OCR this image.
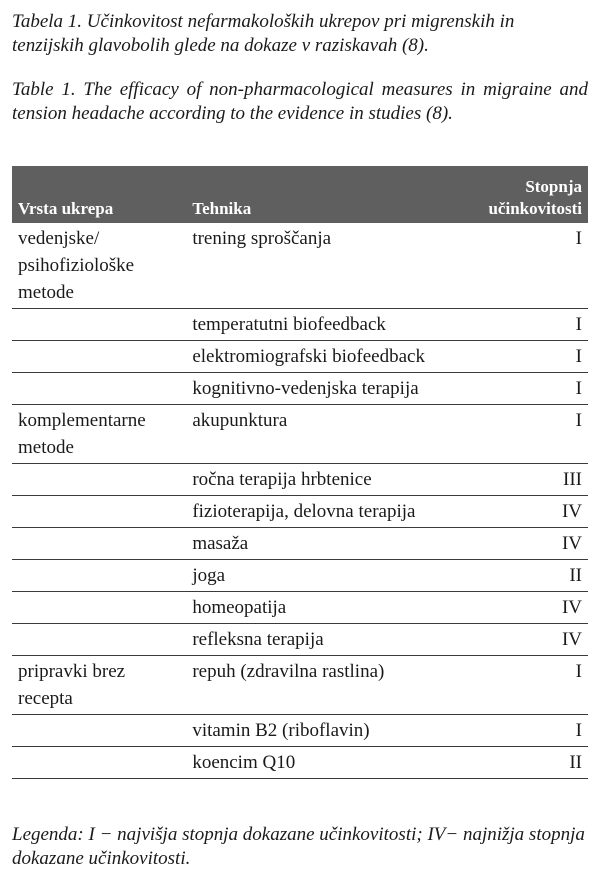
Tabela 1. Učinkovitost nefarmakoloških ukrepov pri migrenskih in tenzijskih glavobolih glede na dokaze v raziskavah (8).

Table 1. The efficacy of non-pharmacological measures in migraine and tension headache according to the evidence in studies (8).

Vrsta ukrepa	Tehnika	Stopnja
učinkovitosti
vedenjske/ psihofiziološke metode	trening sproščanja	I
	temperatutni biofeedback	I
	elektromiografski biofeedback	I
	kognitivno-vedenjska terapija	I
komplementarne metode	akupunktura	I
	ročna terapija hrbtenice	III
	fizioterapija, delovna terapija	IV
	masaža	IV
	joga	II
	homeopatija	IV
	refleksna terapija	IV
pripravki brez recepta	repuh (zdravilna rastlina)	I
	vitamin B2 (riboflavin)	I
	koencim Q10	II

Legenda: I − najvišja stopnja dokazane učinkovitosti; IV− najnižja stopnja dokazane učinkovitosti.
